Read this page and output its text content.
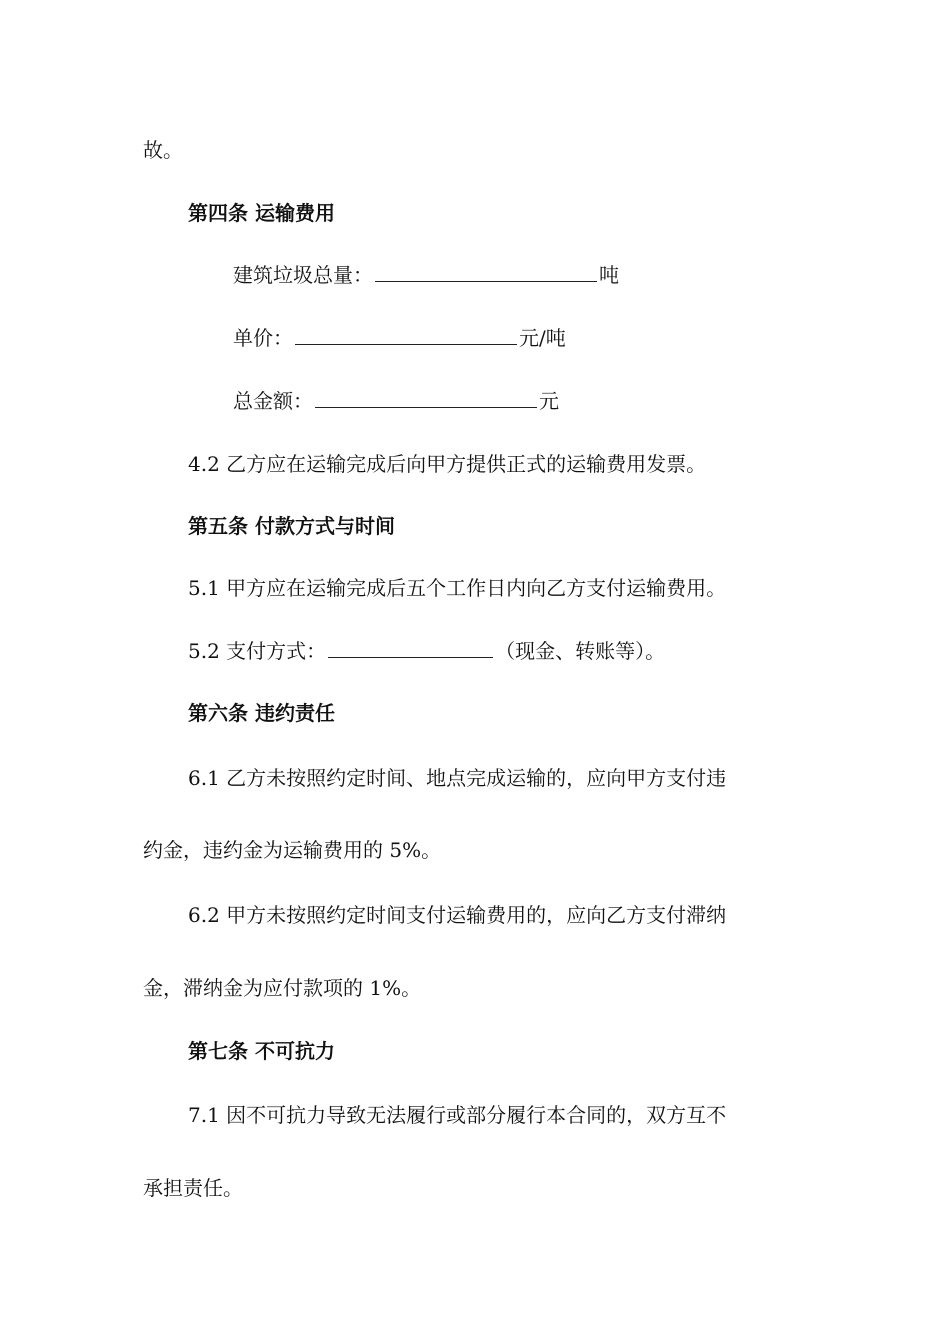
故。
第四条 运输费用
建筑垃圾总量：	吨
单价：	元/吨
总金额：	元
4.2 乙方应在运输完成后向甲方提供正式的运输费用发票。
第五条 付款方式与时间
5.1 甲方应在运输完成后五个工作日内向乙方支付运输费用。
5.2 支付方式：	（现金、转账等）。
第六条 违约责任
6.1 乙方未按照约定时间、地点完成运输的，应向甲方支付违
约金，违约金为运输费用的 5%。
6.2 甲方未按照约定时间支付运输费用的，应向乙方支付滞纳
金，滞纳金为应付款项的 1%。
第七条 不可抗力
7.1 因不可抗力导致无法履行或部分履行本合同的，双方互不
承担责任。
